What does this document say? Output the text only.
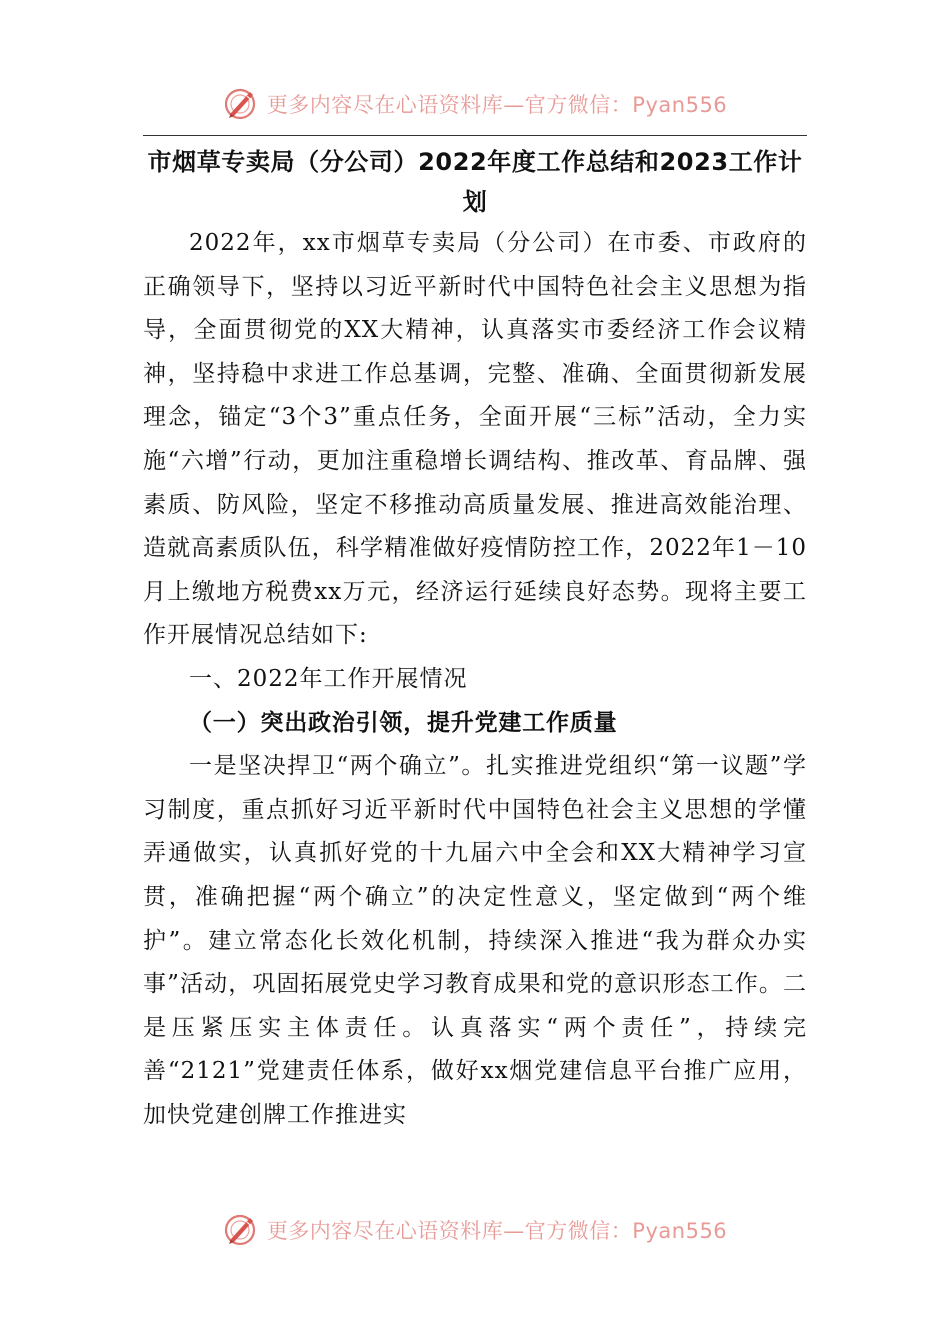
更多内容尽在心语资料库—官方微信：Pyan556
市烟草专卖局（分公司）2022年度工作总结和2023工作计划

2022年，xx市烟草专卖局（分公司）在市委、市政府的正确领导下，坚持以习近平新时代中国特色社会主义思想为指导，全面贯彻党的XX大精神，认真落实市委经济工作会议精神，坚持稳中求进工作总基调，完整、准确、全面贯彻新发展理念，锚定“3个3”重点任务，全面开展“三标”活动，全力实施“六增”行动，更加注重稳增长调结构、推改革、育品牌、强素质、防风险，坚定不移推动高质量发展、推进高效能治理、造就高素质队伍，科学精准做好疫情防控工作，2022年1－10月上缴地方税费xx万元，经济运行延续良好态势。现将主要工作开展情况总结如下:

一、2022年工作开展情况

（一）突出政治引领，提升党建工作质量

一是坚决捍卫“两个确立”。扎实推进党组织“第一议题”学习制度，重点抓好习近平新时代中国特色社会主义思想的学懂弄通做实，认真抓好党的十九届六中全会和XX大精神学习宣贯，准确把握“两个确立”的决定性意义，坚定做到“两个维护”。建立常态化长效化机制，持续深入推进“我为群众办实事”活动，巩固拓展党史学习教育成果和党的意识形态工作。二是压紧压实主体责任。认真落实“两个责任”，持续完善“2121”党建责任体系，做好xx烟党建信息平台推广应用，加快党建创牌工作推进实

更多内容尽在心语资料库—官方微信：Pyan556
